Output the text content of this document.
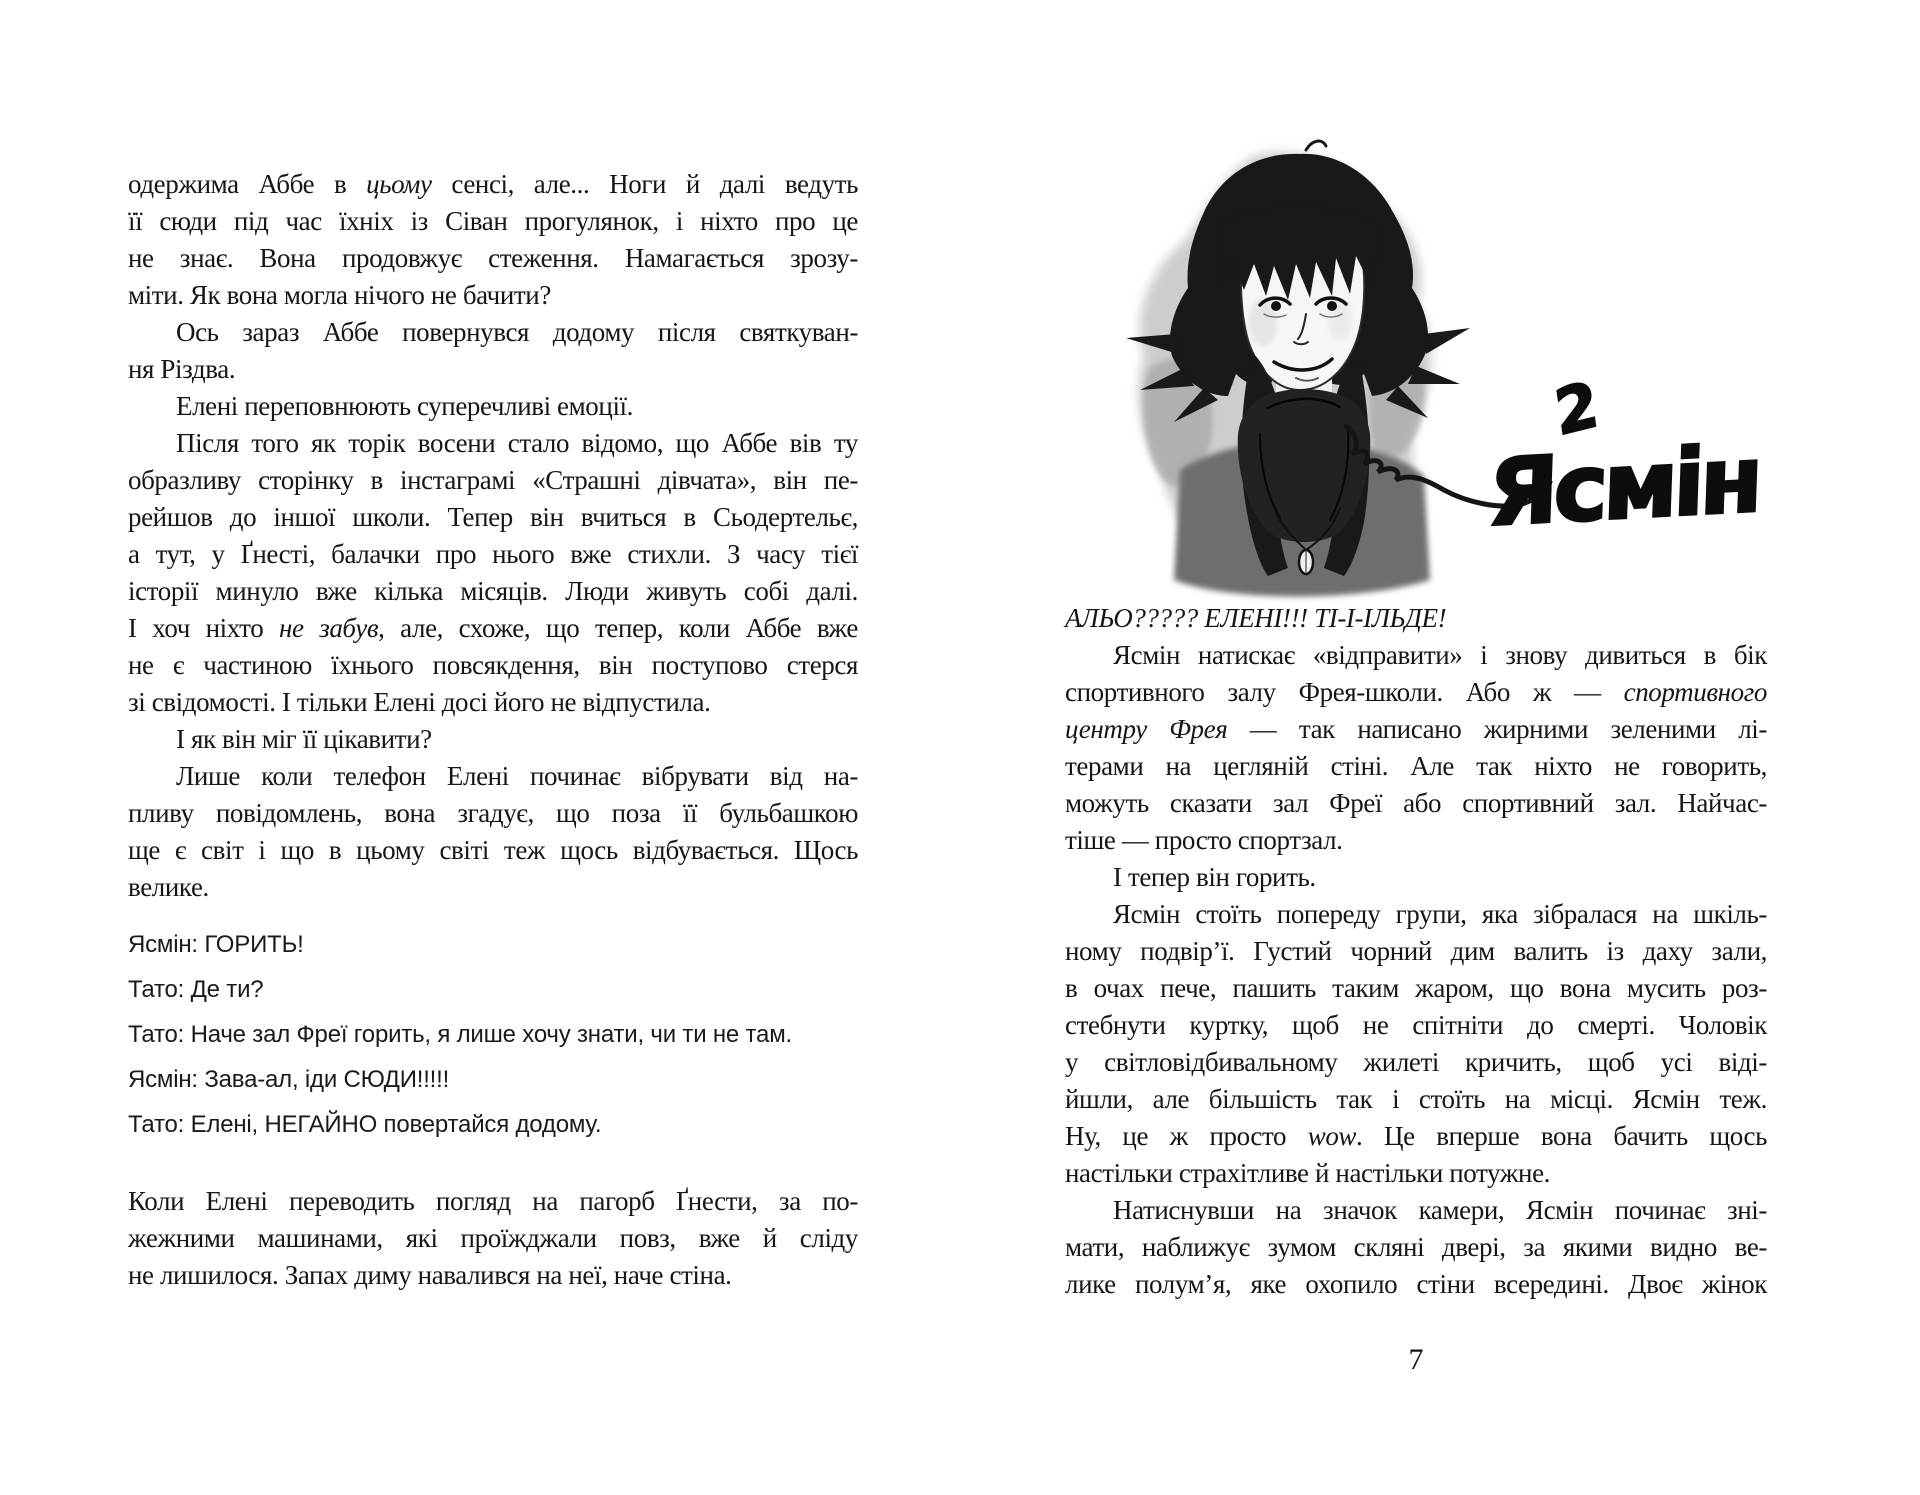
одержима Аббе в цьому сенсі, але... Ноги й далі ведуть
її сюди під час їхніх із Сіван прогулянок, і ніхто про це
не знає. Вона продовжує стеження. Намагається зрозу-
міти. Як вона могла нічого не бачити?
Ось зараз Аббе повернувся додому після святкуван-
ня Різдва.
Елені переповнюють суперечливі емоції.
Після того як торік восени стало відомо, що Аббе вів ту
образливу сторінку в інстаграмі «Страшні дівчата», він пе-
рейшов до іншої школи. Тепер він вчиться в Сьодертельє,
а тут, у Ґнесті, балачки про нього вже стихли. З часу тієї
історії минуло вже кілька місяців. Люди живуть собі далі.
І хоч ніхто не забув, але, схоже, що тепер, коли Аббе вже
не є частиною їхнього повсякдення, він поступово стерся
зі свідомості. І тільки Елені досі його не відпустила.
І як він міг її цікавити?
Лише коли телефон Елені починає вібрувати від на-
пливу повідомлень, вона згадує, що поза її бульбашкою
ще є світ і що в цьому світі теж щось відбувається. Щось
велике.
Ясмін: ГОРИТЬ!
Тато: Де ти?
Тато: Наче зал Фреї горить, я лише хочу знати, чи ти не там.
Ясмін: Зава-ал, іди СЮДИ!!!!!
Тато: Елені, НЕГАЙНО повертайся додому.
Коли Елені переводить погляд на пагорб Ґнести, за по-
жежними машинами, які проїжджали повз, вже й сліду
не лишилося. Запах диму навалився на неї, наче стіна.
2
Ясмін
АЛЬО????? ЕЛЕНІ!!! ТІ-І-ІЛЬДЕ!
Ясмін натискає «відправити» і знову дивиться в бік
спортивного залу Фрея-школи. Або ж — спортивного
центру Фрея — так написано жирними зеленими лі-
терами на цегляній стіні. Але так ніхто не говорить,
можуть сказати зал Фреї або спортивний зал. Найчас-
тіше — просто спортзал.
І тепер він горить.
Ясмін стоїть попереду групи, яка зібралася на шкіль-
ному подвір’ї. Густий чорний дим валить із даху зали,
в очах пече, пашить таким жаром, що вона мусить роз-
стебнути куртку, щоб не спітніти до смерті. Чоловік
у світловідбивальному жилеті кричить, щоб усі віді-
йшли, але більшість так і стоїть на місці. Ясмін теж.
Ну, це ж просто wow. Це вперше вона бачить щось
настільки страхітливе й настільки потужне.
Натиснувши на значок камери, Ясмін починає зні-
мати, наближує зумом скляні двері, за якими видно ве-
лике полум’я, яке охопило стіни всередині. Двоє жінок
7
